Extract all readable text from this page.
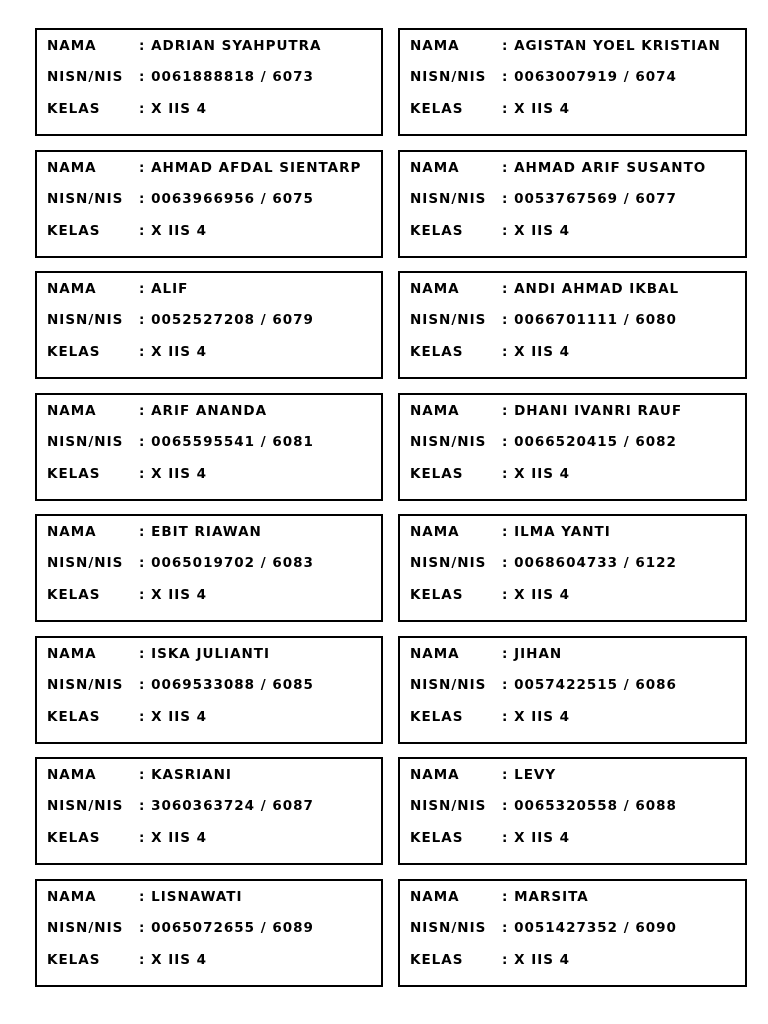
NAMA	: ADRIAN SYAHPUTRA
NISN/NIS : 0061888818 / 6073
KELAS	: X IIS 4
NAMA	: AGISTAN YOEL KRISTIAN
NISN/NIS : 0063007919 / 6074
KELAS	: X IIS 4
NAMA	: AHMAD AFDAL SIENTARP
NISN/NIS : 0063966956 / 6075
KELAS	: X IIS 4
NAMA	: AHMAD ARIF SUSANTO
NISN/NIS : 0053767569 / 6077
KELAS	: X IIS 4
NAMA	: ALIF
NISN/NIS : 0052527208 / 6079
KELAS	: X IIS 4
NAMA	: ANDI AHMAD IKBAL
NISN/NIS : 0066701111 / 6080
KELAS	: X IIS 4
NAMA	: ARIF ANANDA
NISN/NIS : 0065595541 / 6081
KELAS	: X IIS 4
NAMA	: DHANI IVANRI RAUF
NISN/NIS : 0066520415 / 6082
KELAS	: X IIS 4
NAMA	: EBIT RIAWAN
NISN/NIS : 0065019702 / 6083
KELAS	: X IIS 4
NAMA	: ILMA YANTI
NISN/NIS : 0068604733 / 6122
KELAS	: X IIS 4
NAMA	: ISKA JULIANTI
NISN/NIS : 0069533088 / 6085
KELAS	: X IIS 4
NAMA	: JIHAN
NISN/NIS : 0057422515 / 6086
KELAS	: X IIS 4
NAMA	: KASRIANI
NISN/NIS : 3060363724 / 6087
KELAS	: X IIS 4
NAMA	: LEVY
NISN/NIS : 0065320558 / 6088
KELAS	: X IIS 4
NAMA	: LISNAWATI
NISN/NIS : 0065072655 / 6089
KELAS	: X IIS 4
NAMA	: MARSITA
NISN/NIS : 0051427352 / 6090
KELAS	: X IIS 4
